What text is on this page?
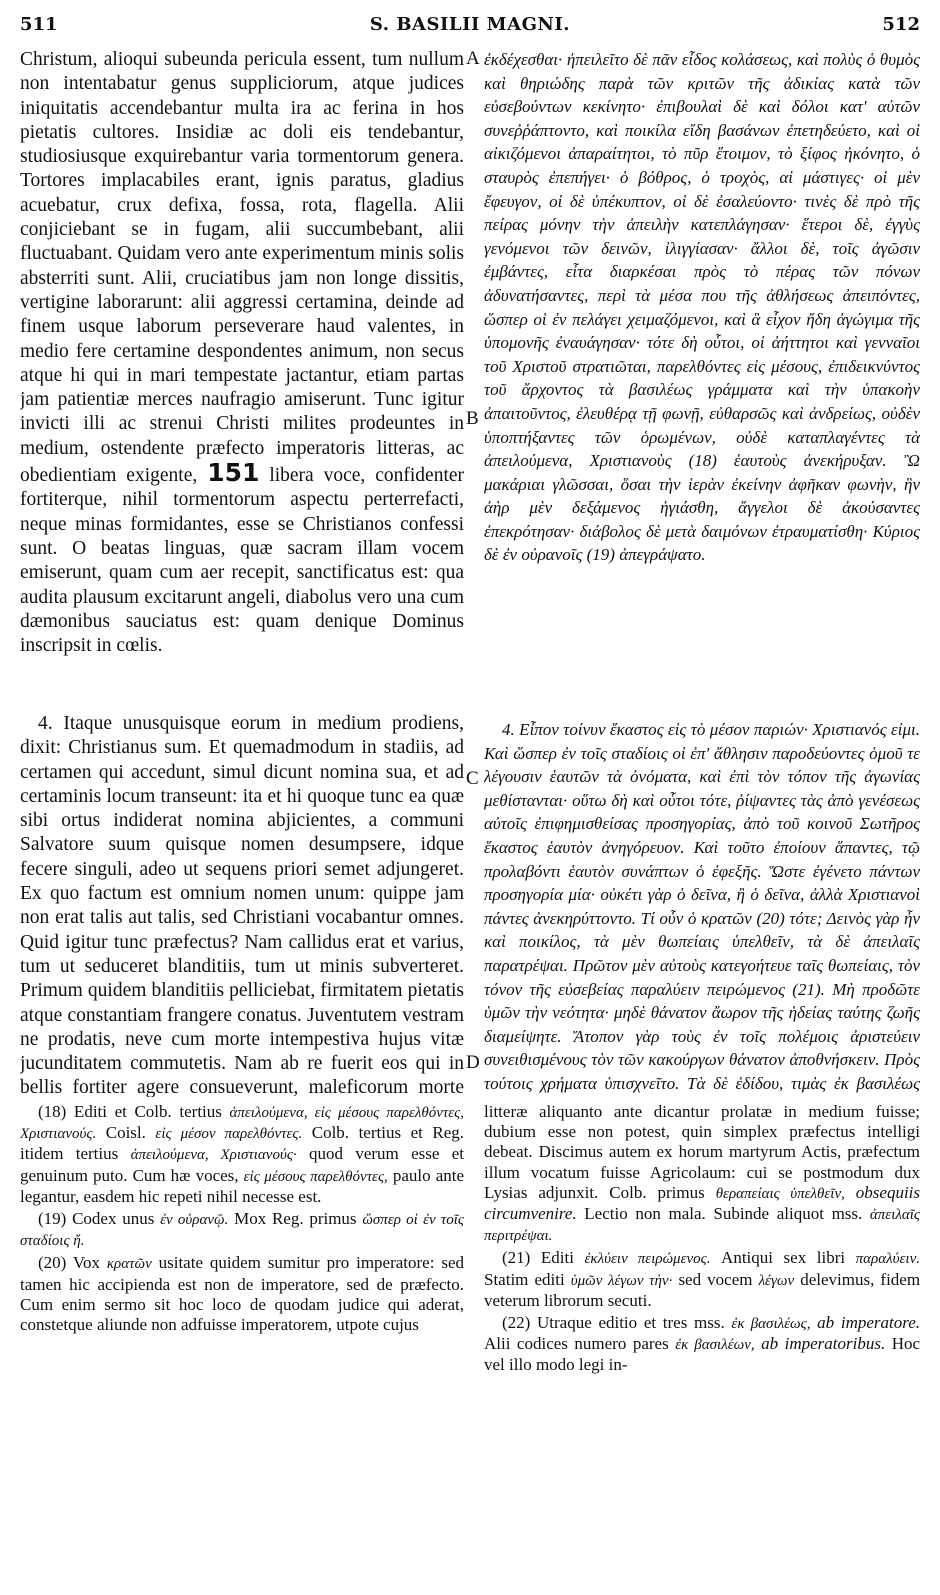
511	S. BASILII MAGNI.	512

Christum, alioqui subeunda pericula essent, tum nullum non intentabatur genus suppliciorum, atque judices iniquitatis accendebantur multa ira ac ferina in hos pietatis cultores. Insidiæ ac doli eis tendebantur, studiosiusque exquirebantur varia tormentorum genera. Tortores implacabiles erant, ignis paratus, gladius acuebatur, crux defixa, fossa, rota, flagella. Alii conjiciebant se in fugam, alii succumbebant, alii fluctuabant. Quidam vero ante experimentum minis solis absterriti sunt. Alii, cruciatibus jam non longe dissitis, vertigine laborarunt: alii aggressi certamina, deinde ad finem usque laborum perseverare haud valentes, in medio fere certamine despondentes animum, non secus atque hi qui in mari tempestate jactantur, etiam partas jam patientiæ merces naufragio amiserunt. Tunc igitur invicti illi ac strenui Christi milites prodeuntes in medium, ostendente præfecto imperatoris litteras, ac obedientiam exigente, 151 libera voce, confidenter fortiterque, nihil tormentorum aspectu perterrefacti, neque minas formidantes, esse se Christianos confessi sunt. O beatas linguas, quæ sacram illam vocem emiserunt, quam cum aer recepit, sanctificatus est: qua audita plausum excitarunt angeli, diabolus vero una cum dæmonibus sauciatus est: quam denique Dominus inscripsit in cœlis.

A
B
C
D

ἐκδέχεσθαι· ἠπειλεῖτο δὲ πᾶν εἶδος κολάσεως, καὶ πολὺς ὁ θυμὸς καὶ θηριώδης παρὰ τῶν κριτῶν τῆς ἀδικίας κατὰ τῶν εὐσεβούντων κεκίνητο· ἐπιβουλαὶ δὲ καὶ δόλοι κατ' αὐτῶν συνεῤῥάπτοντο, καὶ ποικίλα εἴδη βασάνων ἐπετηδεύετο, καὶ οἱ αἰκιζόμενοι ἀπαραίτητοι, τὸ πῦρ ἕτοιμον, τὸ ξίφος ἠκόνητο, ὁ σταυρὸς ἐπεπήγει· ὁ βόθρος, ὁ τροχὸς, αἱ μάστιγες· οἱ μὲν ἔφευγον, οἱ δὲ ὑπέκυπτον, οἱ δὲ ἐσαλεύοντο· τινὲς δὲ πρὸ τῆς πείρας μόνην τὴν ἀπειλὴν κατεπλάγησαν· ἕτεροι δὲ, ἐγγὺς γενόμενοι τῶν δεινῶν, ἰλιγγίασαν· ἄλλοι δὲ, τοῖς ἀγῶσιν ἐμβάντες, εἶτα διαρκέσαι πρὸς τὸ πέρας τῶν πόνων ἀδυνατήσαντες, περὶ τὰ μέσα που τῆς ἀθλήσεως ἀπειπόντες, ὥσπερ οἱ ἐν πελάγει χειμαζόμενοι, καὶ ἃ εἶχον ἤδη ἀγώγιμα τῆς ὑπομονῆς ἐναυάγησαν· τότε δὴ οὗτοι, οἱ ἀήττητοι καὶ γενναῖοι τοῦ Χριστοῦ στρατιῶται, παρελθόντες εἰς μέσους, ἐπιδεικνύντος τοῦ ἄρχοντος τὰ βασιλέως γράμματα καὶ τὴν ὑπακοὴν ἀπαιτοῦντος, ἐλευθέρᾳ τῇ φωνῇ, εὐθαρσῶς καὶ ἀνδρείως, οὐδὲν ὑποπτήξαντες τῶν ὁρωμένων, οὐδὲ καταπλαγέντες τὰ ἀπειλούμενα, Χριστιανοὺς (18) ἑαυτοὺς ἀνεκήρυξαν. Ὢ μακάριαι γλῶσσαι, ὅσαι τὴν ἱερὰν ἐκείνην ἀφῆκαν φωνὴν, ἣν ἀὴρ μὲν δεξάμενος ἡγιάσθη, ἄγγελοι δὲ ἀκούσαντες ἐπεκρότησαν· διάβολος δὲ μετὰ δαιμόνων ἐτραυματίσθη· Κύριος δὲ ἐν οὐρανοῖς (19) ἀπεγράψατο.

4. Itaque unusquisque eorum in medium prodiens, dixit: Christianus sum. Et quemadmodum in stadiis, ad certamen qui accedunt, simul dicunt nomina sua, et ad certaminis locum transeunt: ita et hi quoque tunc ea quæ sibi ortus indiderat nomina abjicientes, a communi Salvatore suum quisque nomen desumpsere, idque fecere singuli, adeo ut sequens priori semet adjungeret. Ex quo factum est omnium nomen unum: quippe jam non erat talis aut talis, sed Christiani vocabantur omnes. Quid igitur tunc præfectus? Nam callidus erat et varius, tum ut seduceret blanditiis, tum ut minis subverteret. Primum quidem blanditiis pelliciebat, firmitatem pietatis atque constantiam frangere conatus. Juventutem vestram ne prodatis, neve cum morte intempestiva hujus vitæ jucunditatem commutetis. Nam ab re fuerit eos qui in bellis fortiter agere consueverunt, maleficorum morte

4. Εἶπον τοίνυν ἕκαστος εἰς τὸ μέσον παριών· Χριστιανός εἰμι. Καὶ ὥσπερ ἐν τοῖς σταδίοις οἱ ἐπ' ἄθλησιν παροδεύοντες ὁμοῦ τε λέγουσιν ἑαυτῶν τὰ ὀνόματα, καὶ ἐπὶ τὸν τόπον τῆς ἀγωνίας μεθίστανται· οὕτω δὴ καὶ οὗτοι τότε, ῥίψαντες τὰς ἀπὸ γενέσεως αὐτοῖς ἐπιφημισθείσας προσηγορίας, ἀπὸ τοῦ κοινοῦ Σωτῆρος ἕκαστος ἑαυτὸν ἀνηγόρευον. Καὶ τοῦτο ἐποίουν ἅπαντες, τῷ προλαβόντι ἑαυτὸν συνάπτων ὁ ἐφεξῆς. Ὥστε ἐγένετο πάντων προσηγορία μία· οὐκέτι γὰρ ὁ δεῖνα, ἢ ὁ δεῖνα, ἀλλὰ Χριστιανοὶ πάντες ἀνεκηρύττοντο. Τί οὖν ὁ κρατῶν (20) τότε; Δεινὸς γὰρ ἦν καὶ ποικίλος, τὰ μὲν θωπείαις ὑπελθεῖν, τὰ δὲ ἀπειλαῖς παρατρέψαι. Πρῶτον μὲν αὐτοὺς κατεγοήτευε ταῖς θωπείαις, τὸν τόνον τῆς εὐσεβείας παραλύειν πειρώμενος (21). Μὴ προδῶτε ὑμῶν τὴν νεότητα· μηδὲ θάνατον ἄωρον τῆς ἡδείας ταύτης ζωῆς διαμείψητε. Ἄτοπον γὰρ τοὺς ἐν τοῖς πολέμοις ἀριστεύειν συνειθισμένους τὸν τῶν κακούργων θάνατον ἀποθνήσκειν. Πρὸς τούτοις χρήματα ὑπισχνεῖτο. Τὰ δὲ ἐδίδου, τιμὰς ἐκ βασιλέως

(18) Editi et Colb. tertius ἀπειλούμενα, εἰς μέσους παρελθόντες, Χριστιανούς. Coisl. εἰς μέσον παρελθόντες. Colb. tertius et Reg. itidem tertius ἀπειλούμενα, Χριστιανούς· quod verum esse et genuinum puto. Cum hæ voces, εἰς μέσους παρελθόντες, paulo ante legantur, easdem hic repeti nihil necesse est.

(19) Codex unus ἐν οὐρανῷ. Mox Reg. primus ὥσπερ οἱ ἐν τοῖς σταδίοις ἤ.

(20) Vox κρατῶν usitate quidem sumitur pro imperatore: sed tamen hic accipienda est non de imperatore, sed de præfecto. Cum enim sermo sit hoc loco de quodam judice qui aderat, constetque aliunde non adfuisse imperatorem, utpote cujus

litteræ aliquanto ante dicantur prolatæ in medium fuisse; dubium esse non potest, quin simplex præfectus intelligi debeat. Discimus autem ex horum martyrum Actis, præfectum illum vocatum fuisse Agricolaum: cui se postmodum dux Lysias adjunxit. Colb. primus θεραπείαις ὑπελθεῖν, obsequiis circumvenire. Lectio non mala. Subinde aliquot mss. ἀπειλαῖς περιτρέψαι.

(21) Editi ἐκλύειν πειρώμενος. Antiqui sex libri παραλύειν. Statim editi ὑμῶν λέγων τὴν· sed vocem λέγων delevimus, fidem veterum librorum secuti.

(22) Utraque editio et tres mss. ἐκ βασιλέως, ab imperatore. Alii codices numero pares ἐκ βασιλέων, ab imperatoribus. Hoc vel illo modo legi in-
